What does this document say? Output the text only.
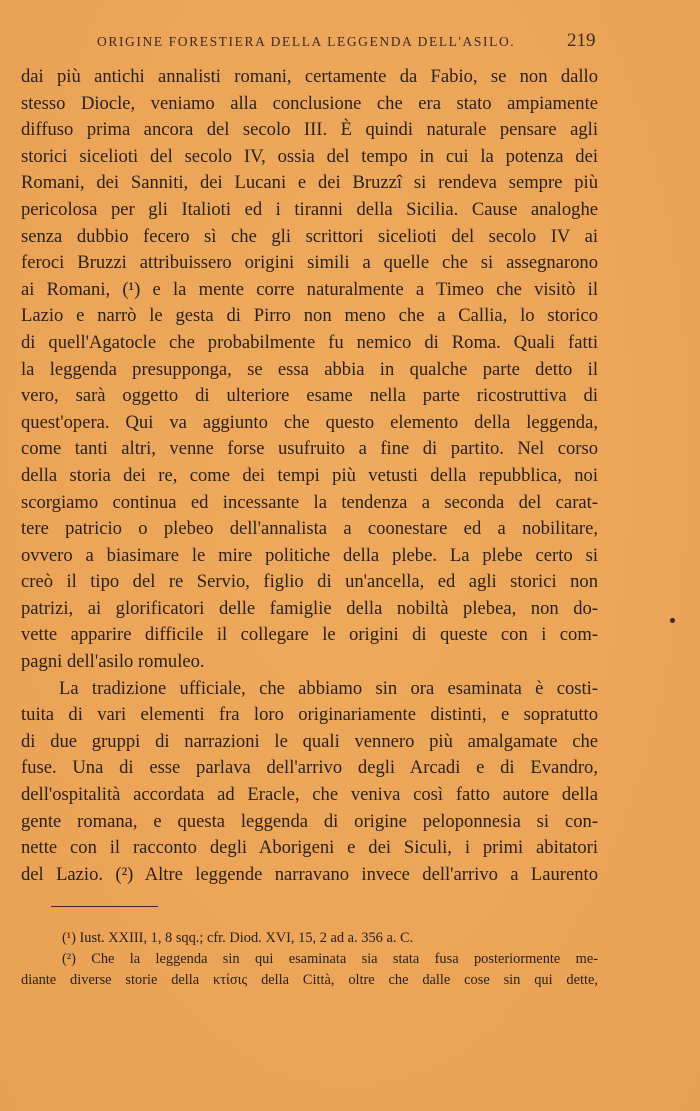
ORIGINE FORESTIERA DELLA LEGGENDA DELL'ASILO.	219
dai più antichi annalisti romani, certamente da Fabio, se non dallo
stesso Diocle, veniamo alla conclusione che era stato ampiamente
diffuso prima ancora del secolo III. È quindi naturale pensare agli
storici sicelioti del secolo IV, ossia del tempo in cui la potenza dei
Romani, dei Sanniti, dei Lucani e dei Bruzzî si rendeva sempre più
pericolosa per gli Italioti ed i tiranni della Sicilia. Cause analoghe
senza dubbio fecero sì che gli scrittori sicelioti del secolo IV ai
feroci Bruzzi attribuissero origini simili a quelle che si assegnarono
ai Romani, (¹) e la mente corre naturalmente a Timeo che visitò il
Lazio e narrò le gesta di Pirro non meno che a Callia, lo storico
di quell'Agatocle che probabilmente fu nemico di Roma. Quali fatti
la leggenda presupponga, se essa abbia in qualche parte detto il
vero, sarà oggetto di ulteriore esame nella parte ricostruttiva di
quest'opera. Qui va aggiunto che questo elemento della leggenda,
come tanti altri, venne forse usufruito a fine di partito. Nel corso
della storia dei re, come dei tempi più vetusti della repubblica, noi
scorgiamo continua ed incessante la tendenza a seconda del carat-
tere patricio o plebeo dell'annalista a coonestare ed a nobilitare,
ovvero a biasimare le mire politiche della plebe. La plebe certo si
creò il tipo del re Servio, figlio di un'ancella, ed agli storici non
patrizi, ai glorificatori delle famiglie della nobiltà plebea, non do-
vette apparire difficile il collegare le origini di queste con i com-
pagni dell'asilo romuleo.
La tradizione ufficiale, che abbiamo sin ora esaminata è costi-
tuita di vari elementi fra loro originariamente distinti, e sopratutto
di due gruppi di narrazioni le quali vennero più amalgamate che
fuse. Una di esse parlava dell'arrivo degli Arcadi e di Evandro,
dell'ospitalità accordata ad Eracle, che veniva così fatto autore della
gente romana, e questa leggenda di origine peloponnesia si con-
nette con il racconto degli Aborigeni e dei Siculi, i primi abitatori
del Lazio. (²) Altre leggende narravano invece dell'arrivo a Laurento
(¹) Iust. XXIII, 1, 8 sqq.; cfr. Diod. XVI, 15, 2 ad a. 356 a. C.
(²) Che la leggenda sin qui esaminata sia stata fusa posteriormente me-
diante diverse storie della κτίσις della Città, oltre che dalle cose sin qui dette,
